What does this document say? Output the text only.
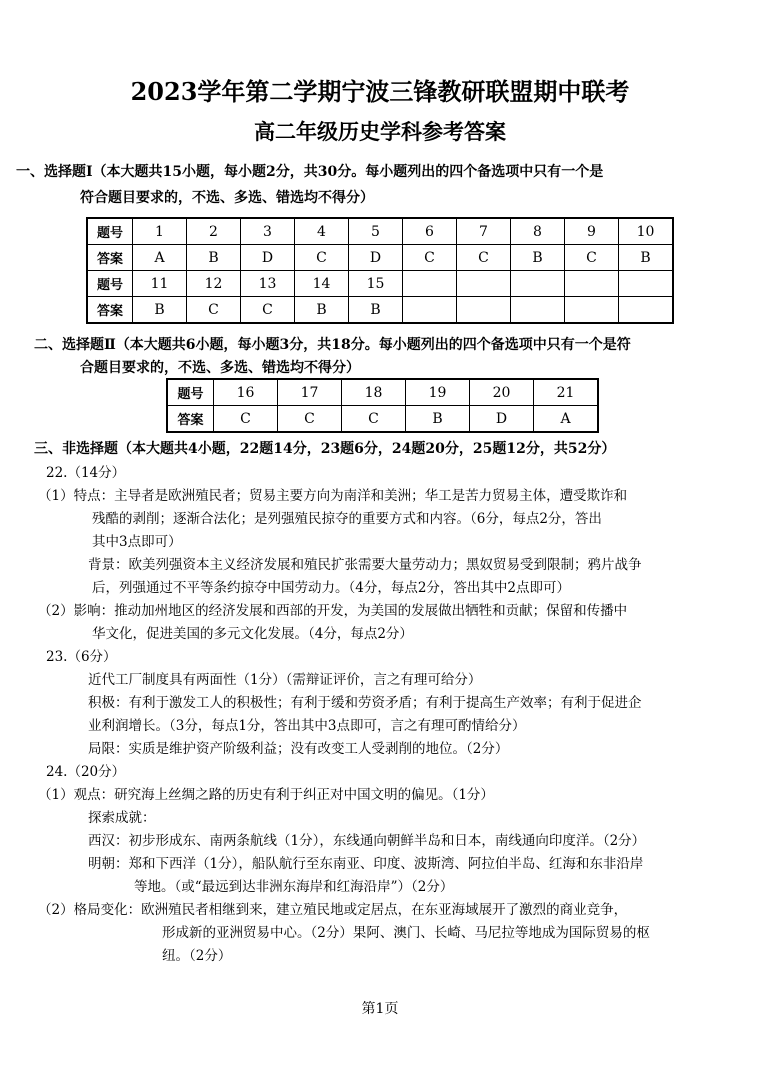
2023学年第二学期宁波三锋教研联盟期中联考
高二年级历史学科参考答案
一、选择题Ⅰ（本大题共15小题，每小题2分，共30分。每小题列出的四个备选项中只有一个是
符合题目要求的，不选、多选、错选均不得分）
题号	1	2	3	4	5	6	7	8	9	10
答案	A	B	D	C	D	C	C	B	C	B
题号	11	12	13	14	15					
答案	B	C	C	B	B					
二、选择题Ⅱ（本大题共6小题，每小题3分，共18分。每小题列出的四个备选项中只有一个是符
合题目要求的，不选、多选、错选均不得分）
题号	16	17	18	19	20	21
答案	C	C	C	B	D	A
三、非选择题（本大题共4小题，22题14分，23题6分，24题20分，25题12分，共52分）
22.（14分）
（1）特点：主导者是欧洲殖民者；贸易主要方向为南洋和美洲；华工是苦力贸易主体，遭受欺诈和
残酷的剥削；逐渐合法化；是列强殖民掠夺的重要方式和内容。（6分，每点2分，答出
其中3点即可）
背景：欧美列强资本主义经济发展和殖民扩张需要大量劳动力；黑奴贸易受到限制；鸦片战争
后，列强通过不平等条约掠夺中国劳动力。（4分，每点2分，答出其中2点即可）
（2）影响：推动加州地区的经济发展和西部的开发，为美国的发展做出牺牲和贡献；保留和传播中
华文化，促进美国的多元文化发展。（4分，每点2分）
23.（6分）
近代工厂制度具有两面性（1分）（需辩证评价，言之有理可给分）
积极：有利于激发工人的积极性；有利于缓和劳资矛盾；有利于提高生产效率；有利于促进企
业利润增长。（3分，每点1分，答出其中3点即可，言之有理可酌情给分）
局限：实质是维护资产阶级利益；没有改变工人受剥削的地位。（2分）
24.（20分）
（1）观点：研究海上丝绸之路的历史有利于纠正对中国文明的偏见。（1分）
探索成就：
西汉：初步形成东、南两条航线（1分），东线通向朝鲜半岛和日本，南线通向印度洋。（2分）
明朝：郑和下西洋（1分），船队航行至东南亚、印度、波斯湾、阿拉伯半岛、红海和东非沿岸
等地。（或“最远到达非洲东海岸和红海沿岸”）（2分）
（2）格局变化：欧洲殖民者相继到来，建立殖民地或定居点，在东亚海域展开了激烈的商业竞争，
形成新的亚洲贸易中心。（2分）果阿、澳门、长崎、马尼拉等地成为国际贸易的枢
纽。（2分）
第1页
